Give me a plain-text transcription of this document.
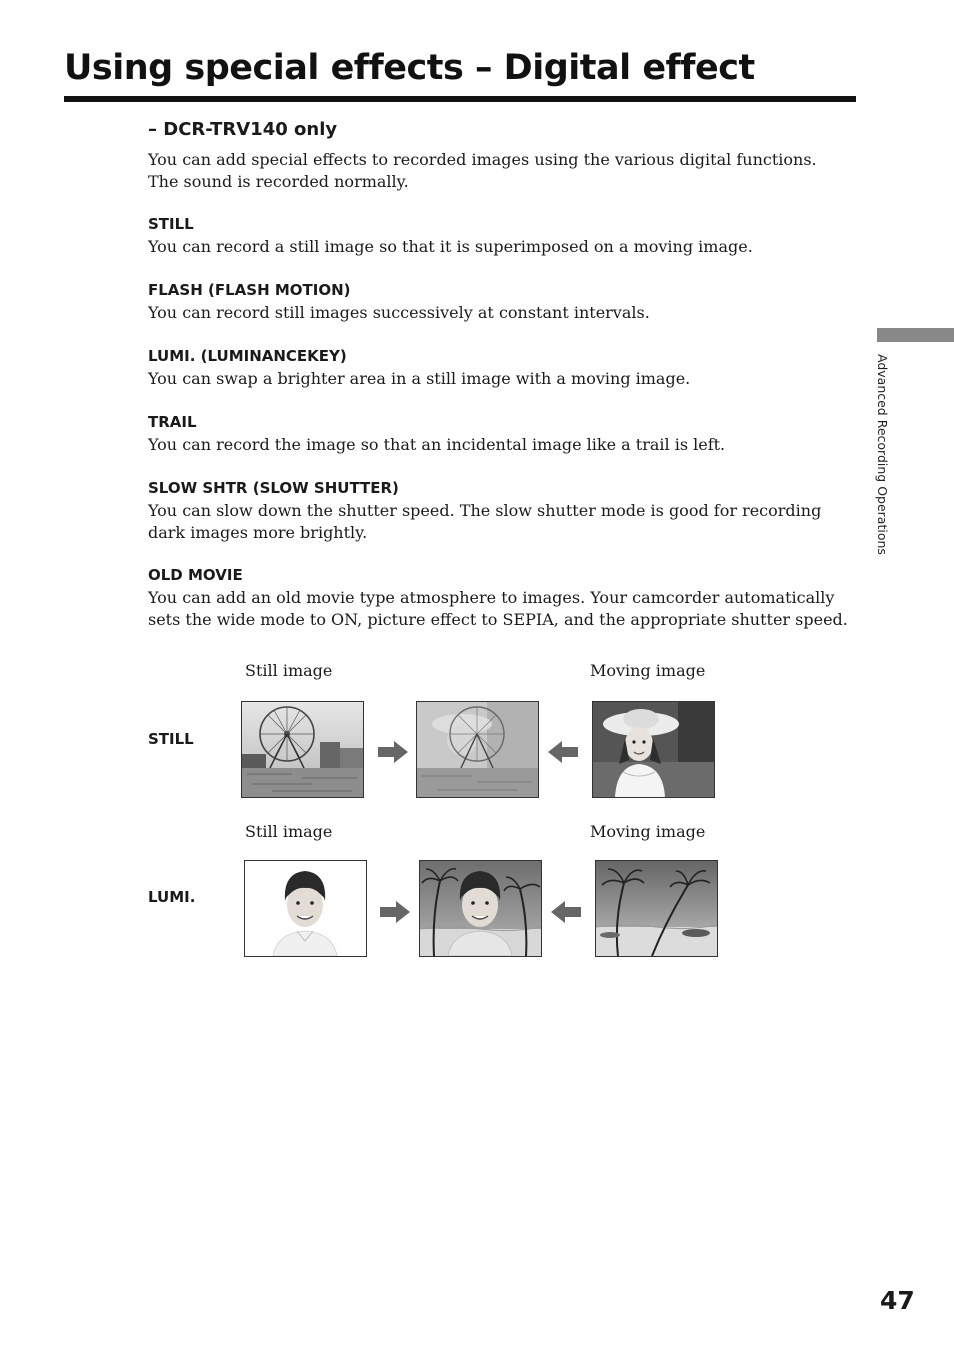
Using special effects – Digital effect
– DCR-TRV140 only

You can add special effects to recorded images using the various digital functions. The sound is recorded normally.

STILL

You can record a still image so that it is superimposed on a moving image.

FLASH (FLASH MOTION)

You can record still images successively at constant intervals.

LUMI. (LUMINANCEKEY)

You can swap a brighter area in a still image with a moving image.

TRAIL

You can record the image so that an incidental image like a trail is left.

SLOW SHTR (SLOW SHUTTER)

You can slow down the shutter speed. The slow shutter mode is good for recording dark images more brightly.

OLD MOVIE

You can add an old movie type atmosphere to images. Your camcorder automatically sets the wide mode to ON, picture effect to SEPIA, and the appropriate shutter speed.

Advanced Recording Operations

Still image	Moving image

STILL

Still image	Moving image

LUMI.

47
